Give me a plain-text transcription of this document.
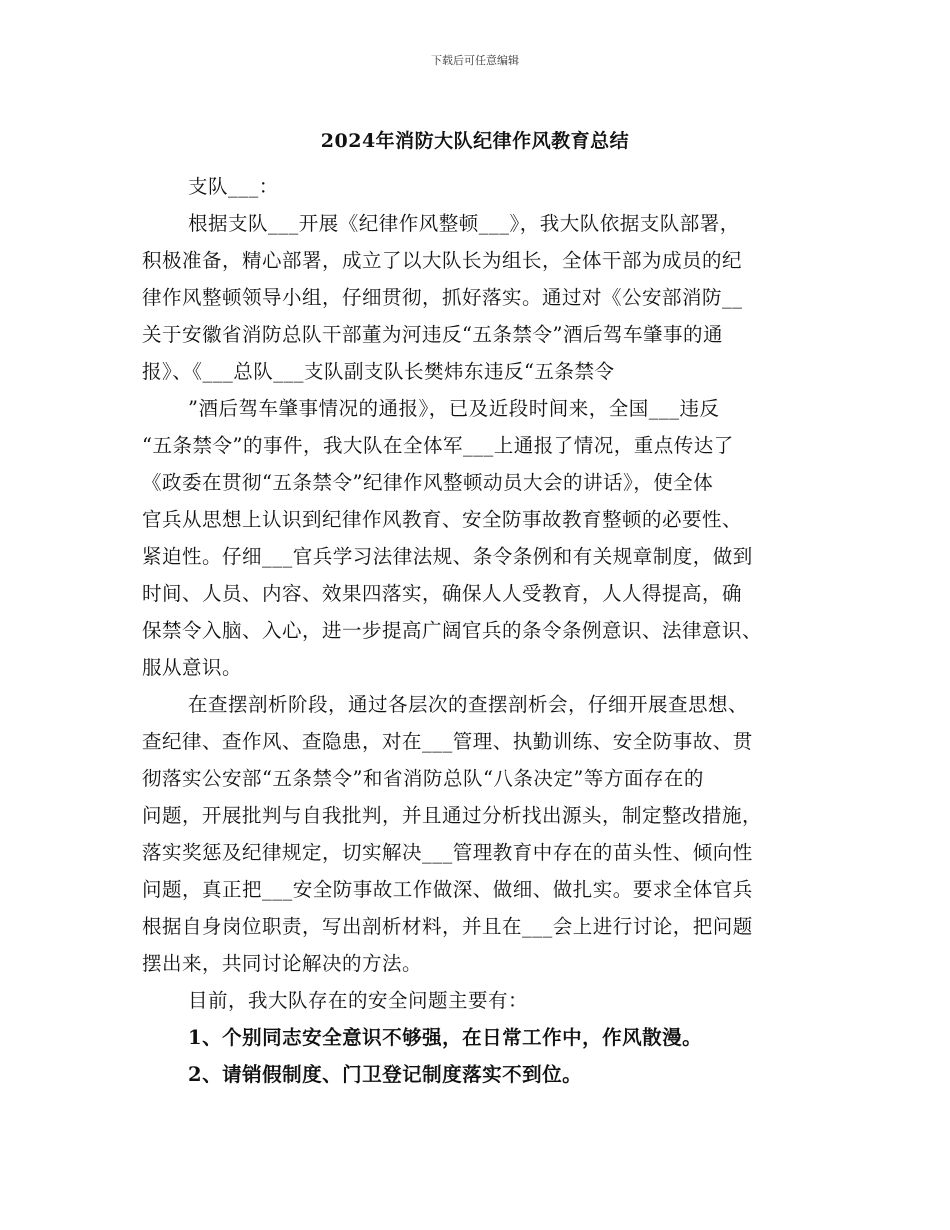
下载后可任意编辑
2024年消防大队纪律作风教育总结
支队___：
根据支队___开展《纪律作风整顿___》，我大队依据支队部署，
积极准备，精心部署，成立了以大队长为组长，全体干部为成员的纪
律作风整顿领导小组，仔细贯彻，抓好落实。通过对《公安部消防__
关于安徽省消防总队干部董为河违反“五条禁令”酒后驾车肇事的通
报》、《___总队___支队副支队长樊炜东违反“五条禁令
”酒后驾车肇事情况的通报》，已及近段时间来，全国___违反
“五条禁令”的事件，我大队在全体军___上通报了情况，重点传达了
《政委在贯彻“五条禁令”纪律作风整顿动员大会的讲话》，使全体
官兵从思想上认识到纪律作风教育、安全防事故教育整顿的必要性、
紧迫性。仔细___官兵学习法律法规、条令条例和有关规章制度，做到
时间、人员、内容、效果四落实，确保人人受教育，人人得提高，确
保禁令入脑、入心，进一步提高广阔官兵的条令条例意识、法律意识、
服从意识。
在查摆剖析阶段，通过各层次的查摆剖析会，仔细开展查思想、
查纪律、查作风、查隐患，对在___管理、执勤训练、安全防事故、贯
彻落实公安部“五条禁令”和省消防总队“八条决定”等方面存在的
问题，开展批判与自我批判，并且通过分析找出源头，制定整改措施，
落实奖惩及纪律规定，切实解决___管理教育中存在的苗头性、倾向性
问题，真正把___安全防事故工作做深、做细、做扎实。要求全体官兵
根据自身岗位职责，写出剖析材料，并且在___会上进行讨论，把问题
摆出来，共同讨论解决的方法。
目前，我大队存在的安全问题主要有：
1、个别同志安全意识不够强，在日常工作中，作风散漫。
2、请销假制度、门卫登记制度落实不到位。
